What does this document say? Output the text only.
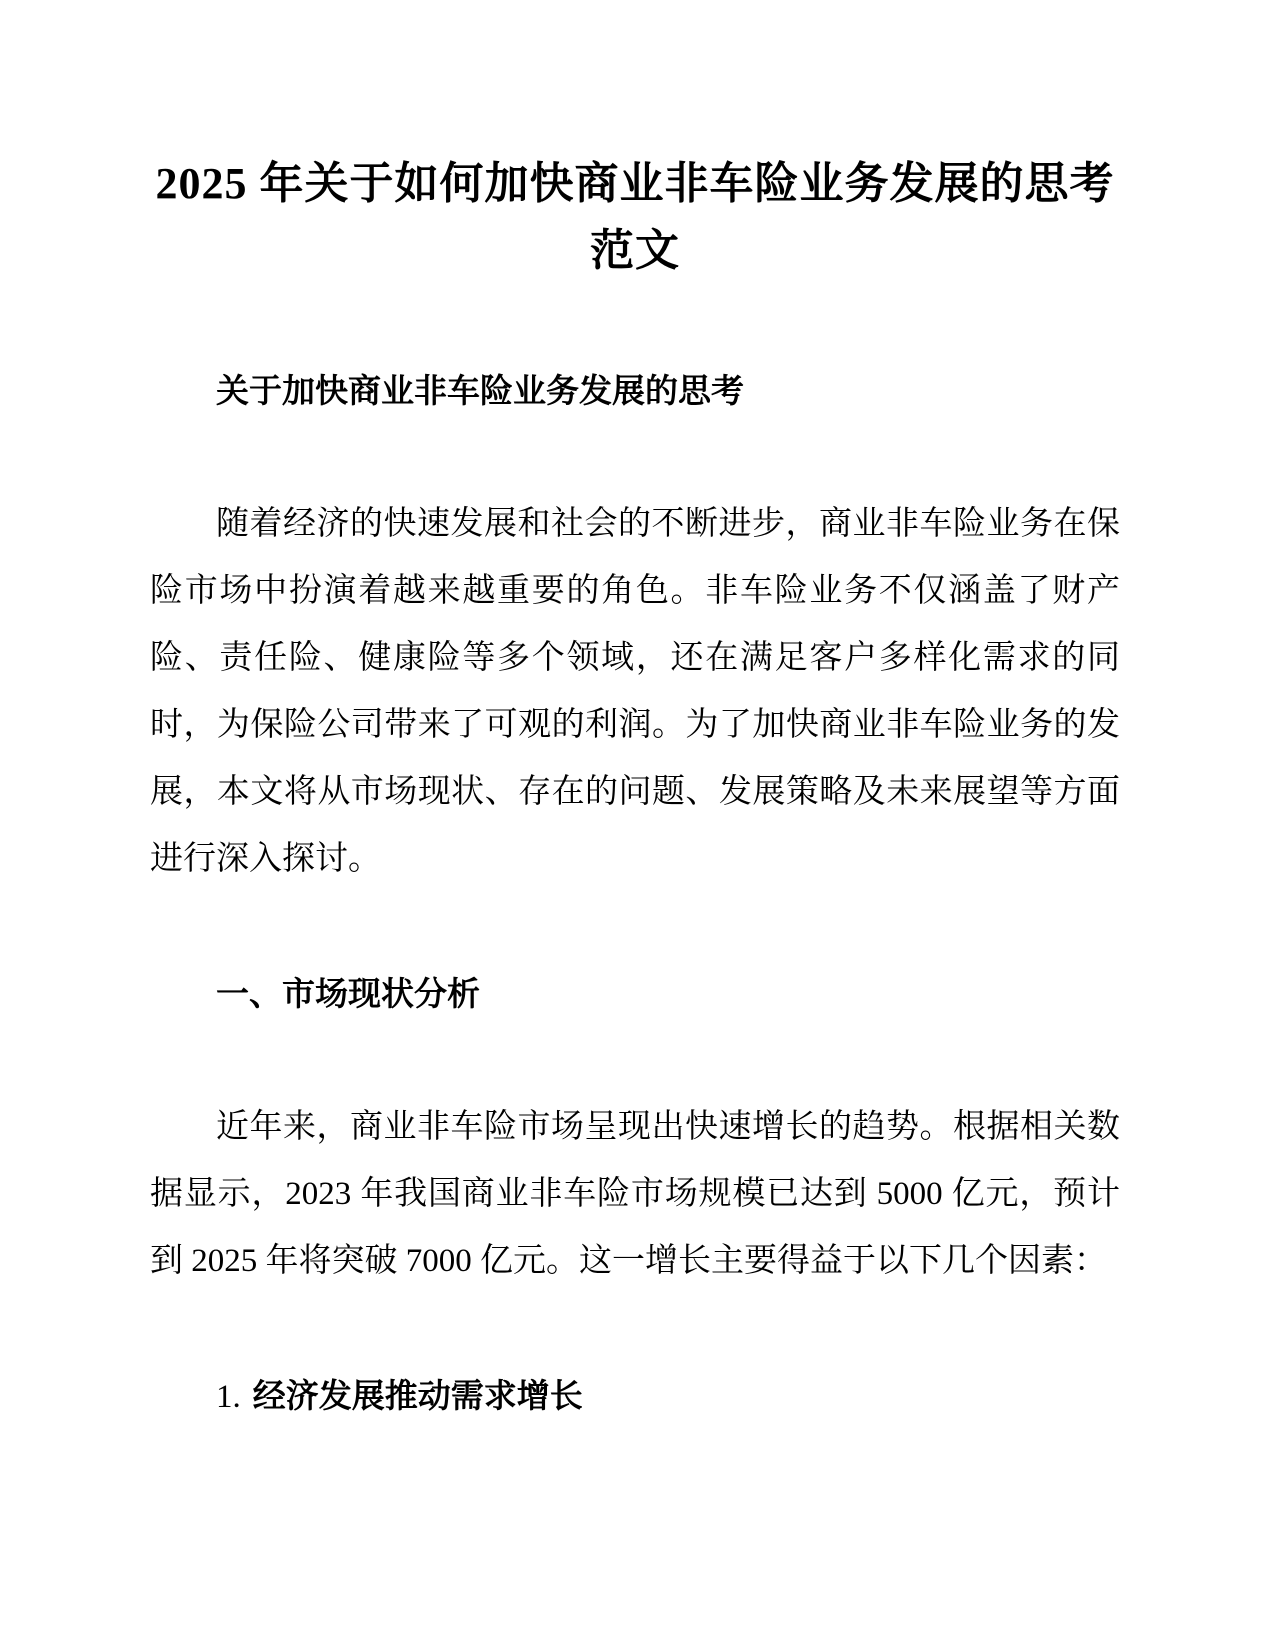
2025 年关于如何加快商业非车险业务发展的思考范文
关于加快商业非车险业务发展的思考

随着经济的快速发展和社会的不断进步，商业非车险业务在保险市场中扮演着越来越重要的角色。非车险业务不仅涵盖了财产险、责任险、健康险等多个领域，还在满足客户多样化需求的同时，为保险公司带来了可观的利润。为了加快商业非车险业务的发展，本文将从市场现状、存在的问题、发展策略及未来展望等方面进行深入探讨。

一、市场现状分析

近年来，商业非车险市场呈现出快速增长的趋势。根据相关数据显示，2023 年我国商业非车险市场规模已达到 5000 亿元，预计到 2025 年将突破 7000 亿元。这一增长主要得益于以下几个因素：

1. 经济发展推动需求增长
